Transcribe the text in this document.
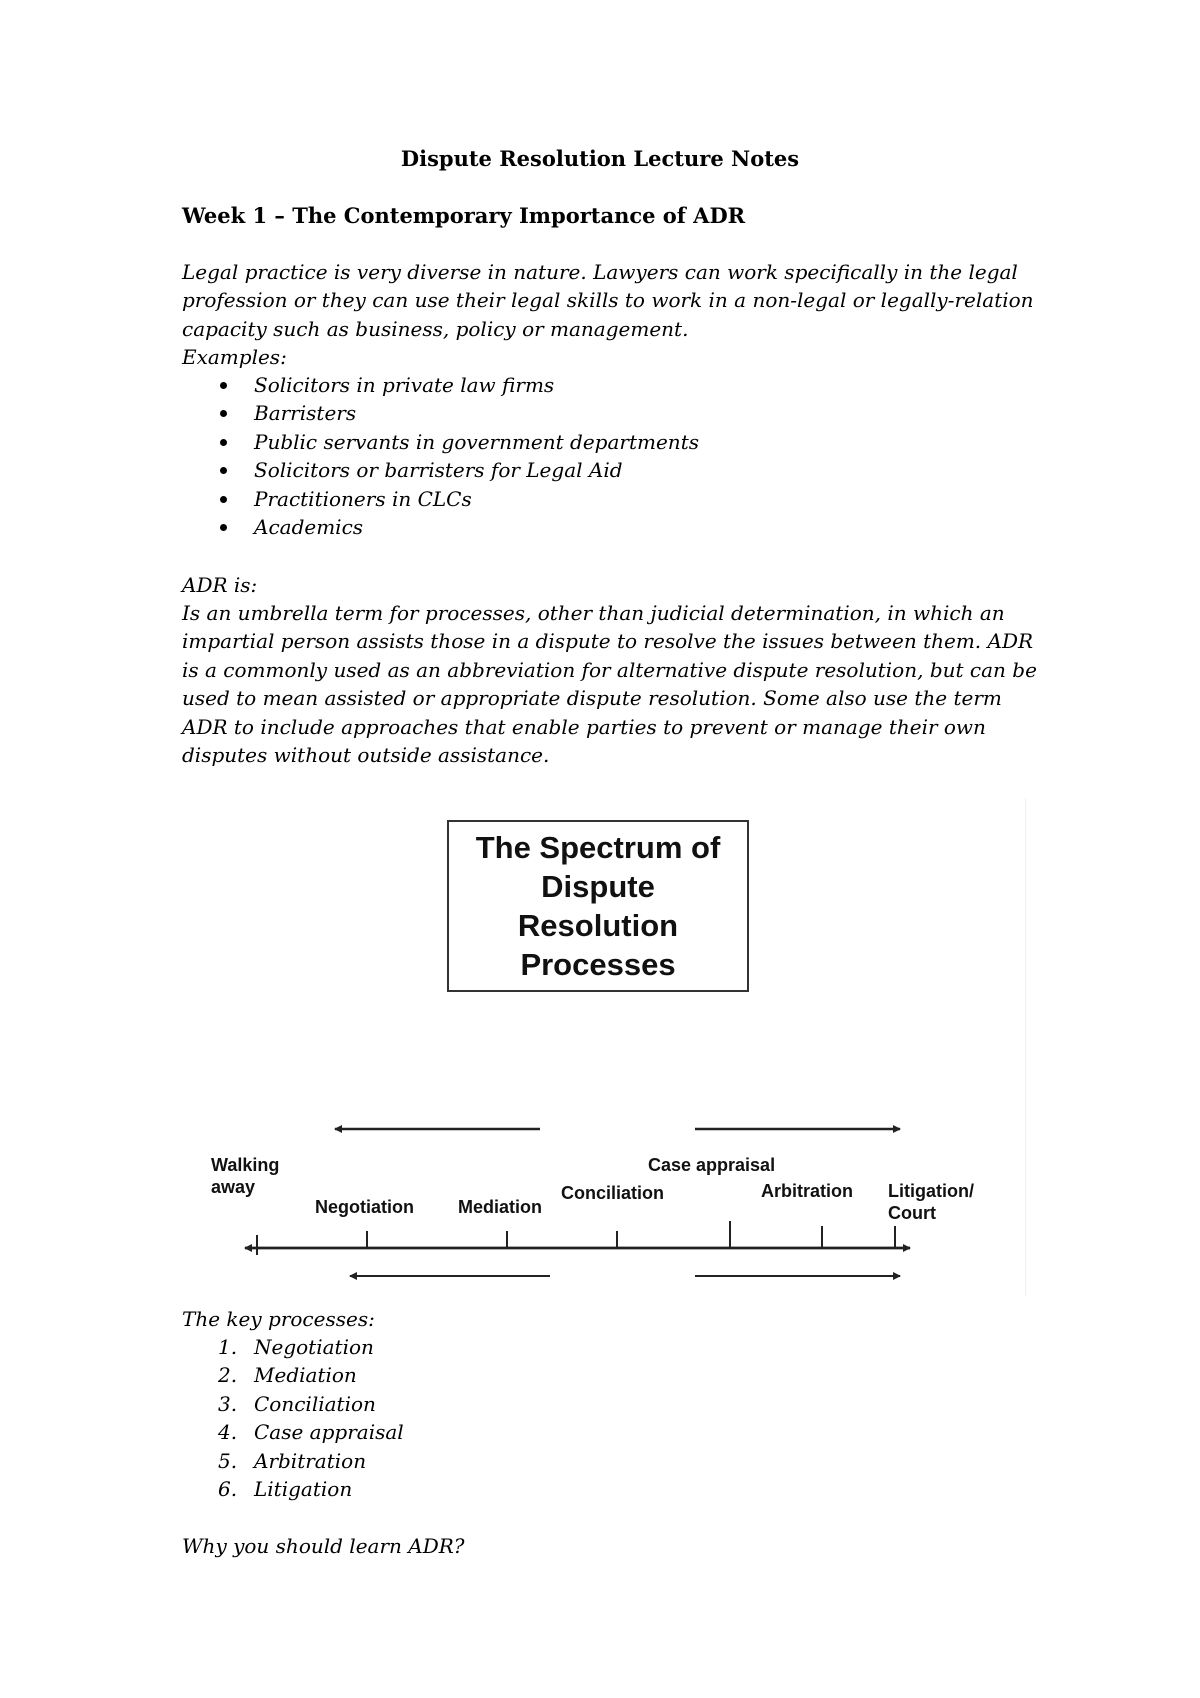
Dispute Resolution Lecture Notes
Week 1 – The Contemporary Importance of ADR
Legal practice is very diverse in nature. Lawyers can work specifically in the legal profession or they can use their legal skills to work in a non-legal or legally-relation capacity such as business, policy or management.
Examples:
Solicitors in private law firms
Barristers
Public servants in government departments
Solicitors or barristers for Legal Aid
Practitioners in CLCs
Academics
ADR is:
Is an umbrella term for processes, other than judicial determination, in which an impartial person assists those in a dispute to resolve the issues between them. ADR is a commonly used as an abbreviation for alternative dispute resolution, but can be used to mean assisted or appropriate dispute resolution. Some also use the term ADR to include approaches that enable parties to prevent or manage their own disputes without outside assistance.
The Spectrum of Dispute Resolution Processes
Walking away
Negotiation Mediation
Conciliation
Case appraisal
Arbitration Litigation/ Court
The key processes:
1. Negotiation
2. Mediation
3. Conciliation
4. Case appraisal
5. Arbitration
6. Litigation
Why you should learn ADR?
